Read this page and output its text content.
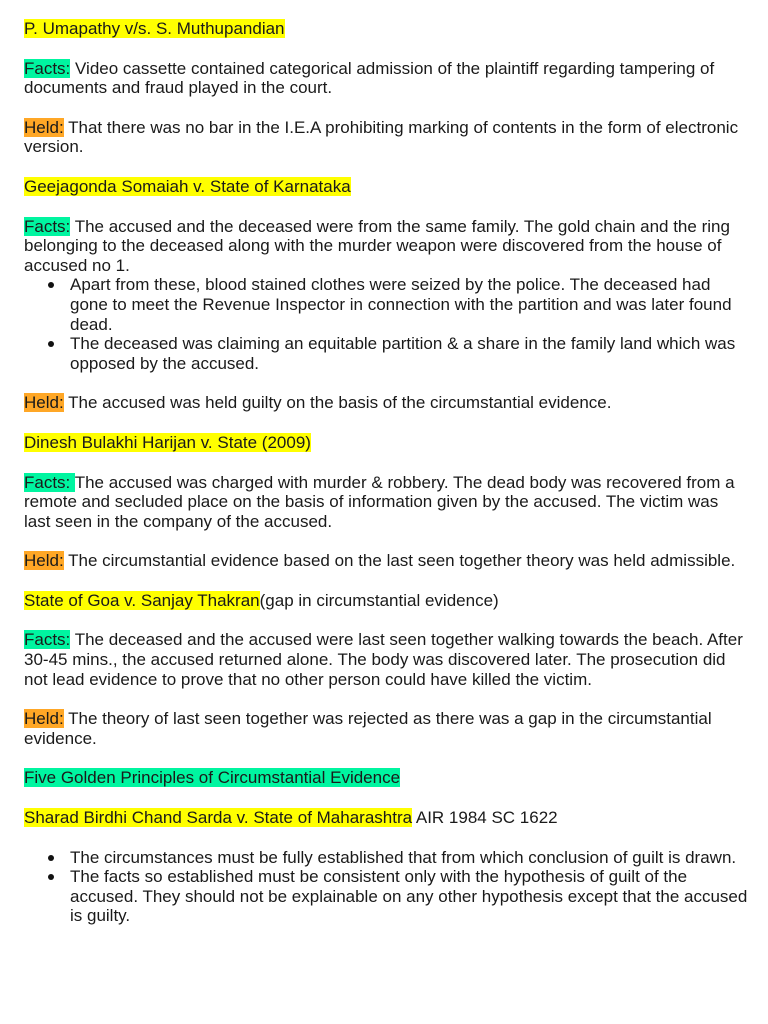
P. Umapathy v/s. S. Muthupandian

Facts: Video cassette contained categorical admission of the plaintiff regarding tampering of documents and fraud played in the court.

Held: That there was no bar in the I.E.A prohibiting marking of contents in the form of electronic version.

Geejagonda Somaiah v. State of Karnataka

Facts: The accused and the deceased were from the same family. The gold chain and the ring belonging to the deceased along with the murder weapon were discovered from the house of accused no 1.

Apart from these, blood stained clothes were seized by the police. The deceased had gone to meet the Revenue Inspector in connection with the partition and was later found dead.
The deceased was claiming an equitable partition & a share in the family land which was opposed by the accused.

Held: The accused was held guilty on the basis of the circumstantial evidence.

Dinesh Bulakhi Harijan v. State (2009)

Facts: The accused was charged with murder & robbery. The dead body was recovered from a remote and secluded place on the basis of information given by the accused. The victim was last seen in the company of the accused.

Held: The circumstantial evidence based on the last seen together theory was held admissible.

State of Goa v. Sanjay Thakran(gap in circumstantial evidence)

Facts: The deceased and the accused were last seen together walking towards the beach. After 30-45 mins., the accused returned alone. The body was discovered later. The prosecution did not lead evidence to prove that no other person could have killed the victim.

Held: The theory of last seen together was rejected as there was a gap in the circumstantial evidence.

Five Golden Principles of Circumstantial Evidence

Sharad Birdhi Chand Sarda v. State of Maharashtra AIR 1984 SC 1622

The circumstances must be fully established that from which conclusion of guilt is drawn.
The facts so established must be consistent only with the hypothesis of guilt of the accused. They should not be explainable on any other hypothesis except that the accused is guilty.
